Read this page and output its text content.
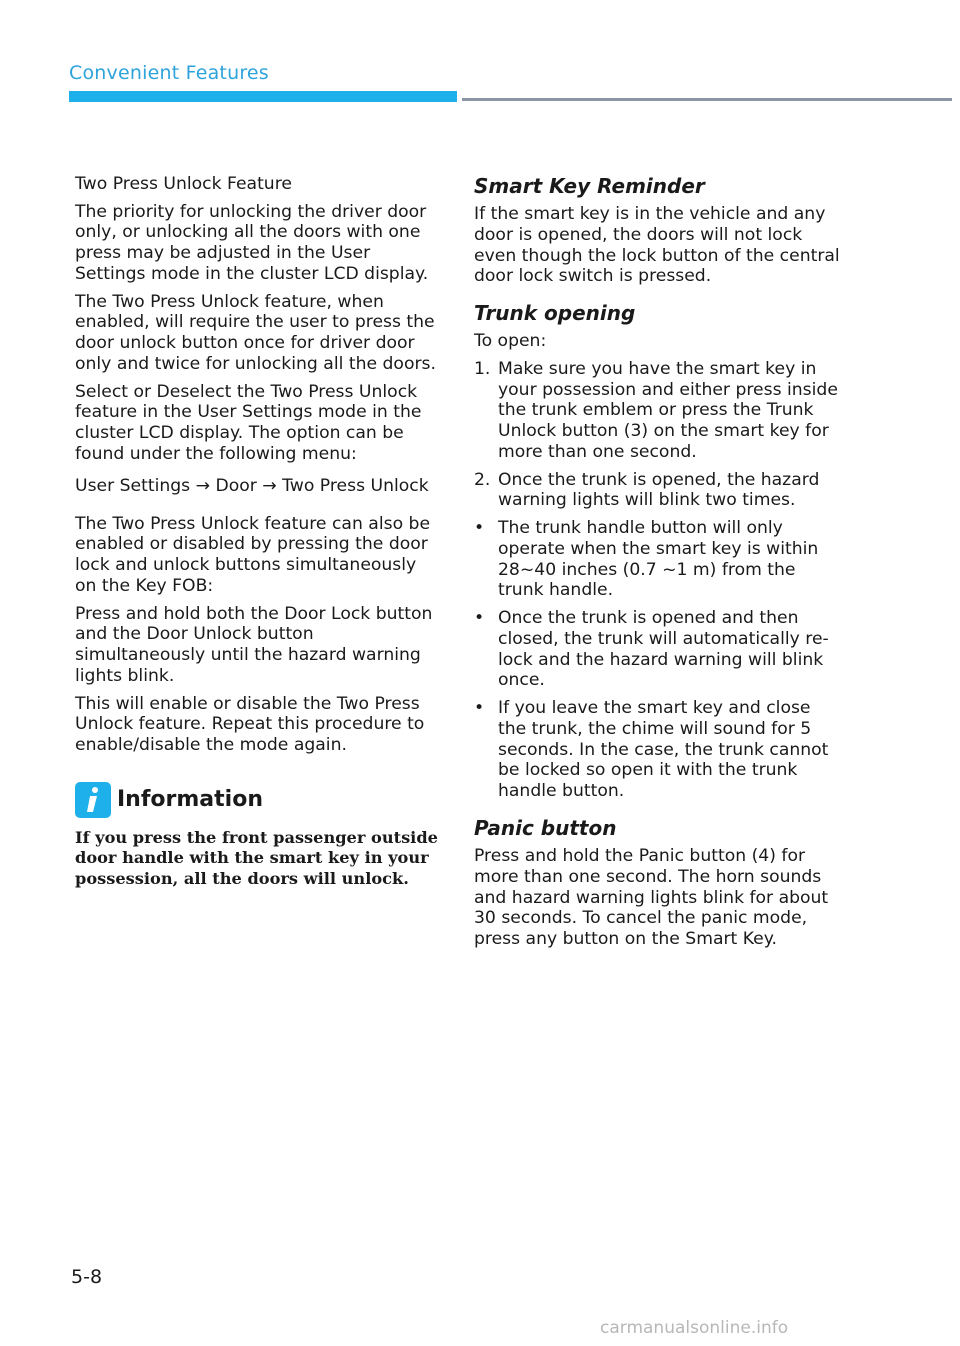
Convenient Features

Two Press Unlock Feature

The priority for unlocking the driver door only, or unlocking all the doors with one press may be adjusted in the User Settings mode in the cluster LCD display.

The Two Press Unlock feature, when enabled, will require the user to press the door unlock button once for driver door only and twice for unlocking all the doors.

Select or Deselect the Two Press Unlock feature in the User Settings mode in the cluster LCD display. The option can be found under the following menu:

User Settings → Door → Two Press Unlock

The Two Press Unlock feature can also be enabled or disabled by pressing the door lock and unlock buttons simultaneously on the Key FOB:

Press and hold both the Door Lock button and the Door Unlock button simultaneously until the hazard warning lights blink.

This will enable or disable the Two Press Unlock feature. Repeat this procedure to enable/disable the mode again.

Information
If you press the front passenger outside door handle with the smart key in your possession, all the doors will unlock.
Smart Key Reminder

If the smart key is in the vehicle and any door is opened, the doors will not lock even though the lock button of the central door lock switch is pressed.

Trunk opening

To open:

1. Make sure you have the smart key in your possession and either press inside the trunk emblem or press the Trunk Unlock button (3) on the smart key for more than one second.
2. Once the trunk is opened, the hazard warning lights will blink two times.
• The trunk handle button will only operate when the smart key is within 28~40 inches (0.7 ~1 m) from the trunk handle.
• Once the trunk is opened and then closed, the trunk will automatically re-lock and the hazard warning will blink once.
• If you leave the smart key and close the trunk, the chime will sound for 5 seconds. In the case, the trunk cannot be locked so open it with the trunk handle button.
Panic button

Press and hold the Panic button (4) for more than one second. The horn sounds and hazard warning lights blink for about 30 seconds. To cancel the panic mode, press any button on the Smart Key.

5-8
carmanualsonline.info
